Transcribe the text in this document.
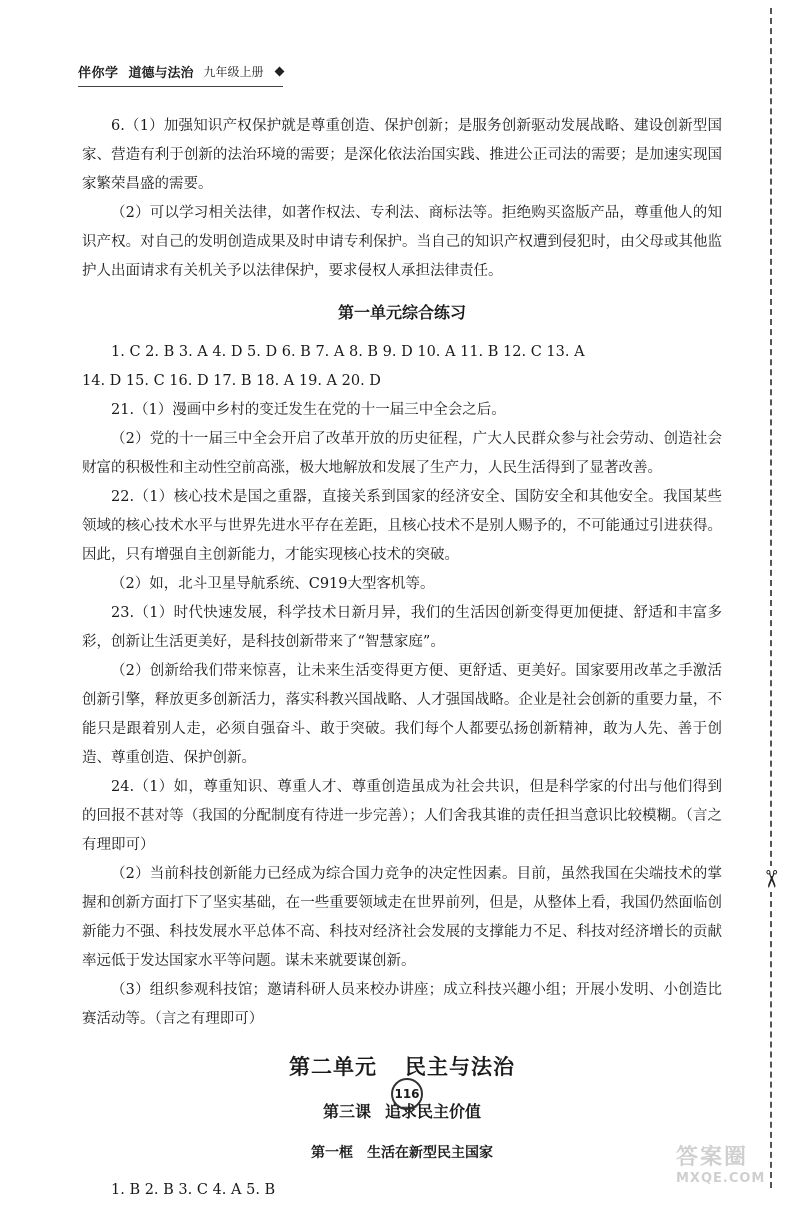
伴你学 道德与法治 九年级上册

6.（1）加强知识产权保护就是尊重创造、保护创新；是服务创新驱动发展战略、建设创新型国家、营造有利于创新的法治环境的需要；是深化依法治国实践、推进公正司法的需要；是加速实现国家繁荣昌盛的需要。

（2）可以学习相关法律，如著作权法、专利法、商标法等。拒绝购买盗版产品，尊重他人的知识产权。对自己的发明创造成果及时申请专利保护。当自己的知识产权遭到侵犯时，由父母或其他监护人出面请求有关机关予以法律保护，要求侵权人承担法律责任。

第一单元综合练习

1. C 2. B 3. A 4. D 5. D 6. B 7. A 8. B 9. D 10. A 11. B 12. C 13. A

14. D 15. C 16. D 17. B 18. A 19. A 20. D

21.（1）漫画中乡村的变迁发生在党的十一届三中全会之后。

（2）党的十一届三中全会开启了改革开放的历史征程，广大人民群众参与社会劳动、创造社会财富的积极性和主动性空前高涨，极大地解放和发展了生产力，人民生活得到了显著改善。

22.（1）核心技术是国之重器，直接关系到国家的经济安全、国防安全和其他安全。我国某些领域的核心技术水平与世界先进水平存在差距，且核心技术不是别人赐予的，不可能通过引进获得。因此，只有增强自主创新能力，才能实现核心技术的突破。

（2）如，北斗卫星导航系统、C919大型客机等。

23.（1）时代快速发展，科学技术日新月异，我们的生活因创新变得更加便捷、舒适和丰富多彩，创新让生活更美好，是科技创新带来了“智慧家庭”。

（2）创新给我们带来惊喜，让未来生活变得更方便、更舒适、更美好。国家要用改革之手激活创新引擎，释放更多创新活力，落实科教兴国战略、人才强国战略。企业是社会创新的重要力量，不能只是跟着别人走，必须自强奋斗、敢于突破。我们每个人都要弘扬创新精神，敢为人先、善于创造、尊重创造、保护创新。

24.（1）如，尊重知识、尊重人才、尊重创造虽成为社会共识，但是科学家的付出与他们得到的回报不甚对等（我国的分配制度有待进一步完善）；人们舍我其谁的责任担当意识比较模糊。（言之有理即可）

（2）当前科技创新能力已经成为综合国力竞争的决定性因素。目前，虽然我国在尖端技术的掌握和创新方面打下了坚实基础，在一些重要领域走在世界前列，但是，从整体上看，我国仍然面临创新能力不强、科技发展水平总体不高、科技对经济社会发展的支撑能力不足、科技对经济增长的贡献率远低于发达国家水平等问题。谋未来就要谋创新。

（3）组织参观科技馆；邀请科研人员来校办讲座；成立科技兴趣小组；开展小发明、小创造比赛活动等。（言之有理即可）

第二单元 民主与法治

第三课 追求民主价值

第一框 生活在新型民主国家

1. B 2. B 3. C 4. A 5. B

116
✂
答案圈
MXQE.COM
